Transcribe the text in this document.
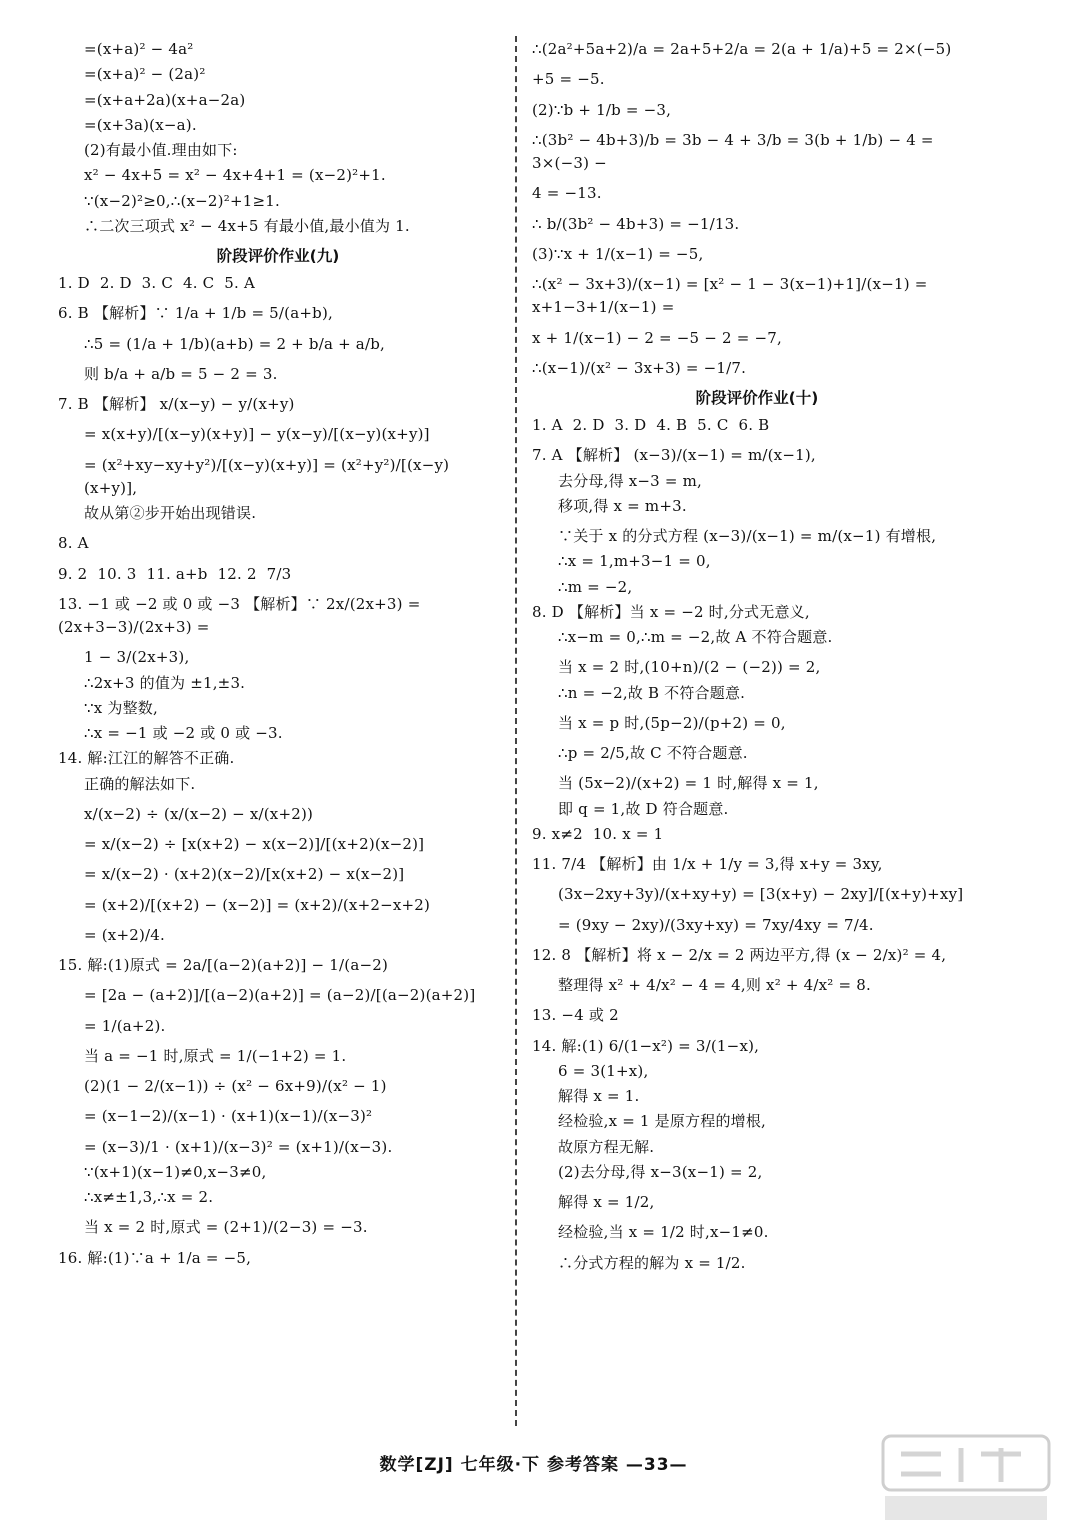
=(x+a)² − 4a²
=(x+a)² − (2a)²
=(x+a+2a)(x+a−2a)
=(x+3a)(x−a).
(2)有最小值.理由如下:
x² − 4x+5 = x² − 4x+4+1 = (x−2)²+1.
∵(x−2)²≥0,∴(x−2)²+1≥1.
∴二次三项式 x² − 4x+5 有最小值,最小值为 1.
阶段评价作业(九)
1. D  2. D  3. C  4. C  5. A
6. B 【解析】∵ 1/a + 1/b = 5/(a+b),
∴5 = (1/a + 1/b)(a+b) = 2 + b/a + a/b,
则 b/a + a/b = 5 − 2 = 3.
7. B 【解析】 x/(x−y) − y/(x+y)
= x(x+y)/[(x−y)(x+y)] − y(x−y)/[(x−y)(x+y)]
= (x²+xy−xy+y²)/[(x−y)(x+y)] = (x²+y²)/[(x−y)(x+y)],
故从第②步开始出现错误.
8. A
9. 2  10. 3  11. a+b  12. 2  7/3
13. −1 或 −2 或 0 或 −3 【解析】∵ 2x/(2x+3) = (2x+3−3)/(2x+3) =
1 − 3/(2x+3),
∴2x+3 的值为 ±1,±3.
∵x 为整数,
∴x = −1 或 −2 或 0 或 −3.
14. 解:江江的解答不正确.
正确的解法如下.
x/(x−2) ÷ (x/(x−2) − x/(x+2))
= x/(x−2) ÷ [x(x+2) − x(x−2)]/[(x+2)(x−2)]
= x/(x−2) · (x+2)(x−2)/[x(x+2) − x(x−2)]
= (x+2)/[(x+2) − (x−2)] = (x+2)/(x+2−x+2)
= (x+2)/4.
15. 解:(1)原式 = 2a/[(a−2)(a+2)] − 1/(a−2)
= [2a − (a+2)]/[(a−2)(a+2)] = (a−2)/[(a−2)(a+2)]
= 1/(a+2).
当 a = −1 时,原式 = 1/(−1+2) = 1.
(2)(1 − 2/(x−1)) ÷ (x² − 6x+9)/(x² − 1)
= (x−1−2)/(x−1) · (x+1)(x−1)/(x−3)²
= (x−3)/1 · (x+1)/(x−3)² = (x+1)/(x−3).
∵(x+1)(x−1)≠0,x−3≠0,
∴x≠±1,3,∴x = 2.
当 x = 2 时,原式 = (2+1)/(2−3) = −3.
16. 解:(1)∵a + 1/a = −5,
∴(2a²+5a+2)/a = 2a+5+2/a = 2(a + 1/a)+5 = 2×(−5)
+5 = −5.
(2)∵b + 1/b = −3,
∴(3b² − 4b+3)/b = 3b − 4 + 3/b = 3(b + 1/b) − 4 = 3×(−3) −
4 = −13.
∴ b/(3b² − 4b+3) = −1/13.
(3)∵x + 1/(x−1) = −5,
∴(x² − 3x+3)/(x−1) = [x² − 1 − 3(x−1)+1]/(x−1) = x+1−3+1/(x−1) =
x + 1/(x−1) − 2 = −5 − 2 = −7,
∴(x−1)/(x² − 3x+3) = −1/7.
阶段评价作业(十)
1. A  2. D  3. D  4. B  5. C  6. B
7. A 【解析】 (x−3)/(x−1) = m/(x−1),
去分母,得 x−3 = m,
移项,得 x = m+3.
∵关于 x 的分式方程 (x−3)/(x−1) = m/(x−1) 有增根,
∴x = 1,m+3−1 = 0,
∴m = −2,
8. D 【解析】当 x = −2 时,分式无意义,
∴x−m = 0,∴m = −2,故 A 不符合题意.
当 x = 2 时,(10+n)/(2 − (−2)) = 2,
∴n = −2,故 B 不符合题意.
当 x = p 时,(5p−2)/(p+2) = 0,
∴p = 2/5,故 C 不符合题意.
当 (5x−2)/(x+2) = 1 时,解得 x = 1,
即 q = 1,故 D 符合题意.
9. x≠2  10. x = 1
11. 7/4 【解析】由 1/x + 1/y = 3,得 x+y = 3xy,
(3x−2xy+3y)/(x+xy+y) = [3(x+y) − 2xy]/[(x+y)+xy]
= (9xy − 2xy)/(3xy+xy) = 7xy/4xy = 7/4.
12. 8 【解析】将 x − 2/x = 2 两边平方,得 (x − 2/x)² = 4,
整理得 x² + 4/x² − 4 = 4,则 x² + 4/x² = 8.
13. −4 或 2
14. 解:(1) 6/(1−x²) = 3/(1−x),
6 = 3(1+x),
解得 x = 1.
经检验,x = 1 是原方程的增根,
故原方程无解.
(2)去分母,得 x−3(x−1) = 2,
解得 x = 1/2,
经检验,当 x = 1/2 时,x−1≠0.
∴分式方程的解为 x = 1/2.
数学[ZJ] 七年级·下 参考答案 —33—
